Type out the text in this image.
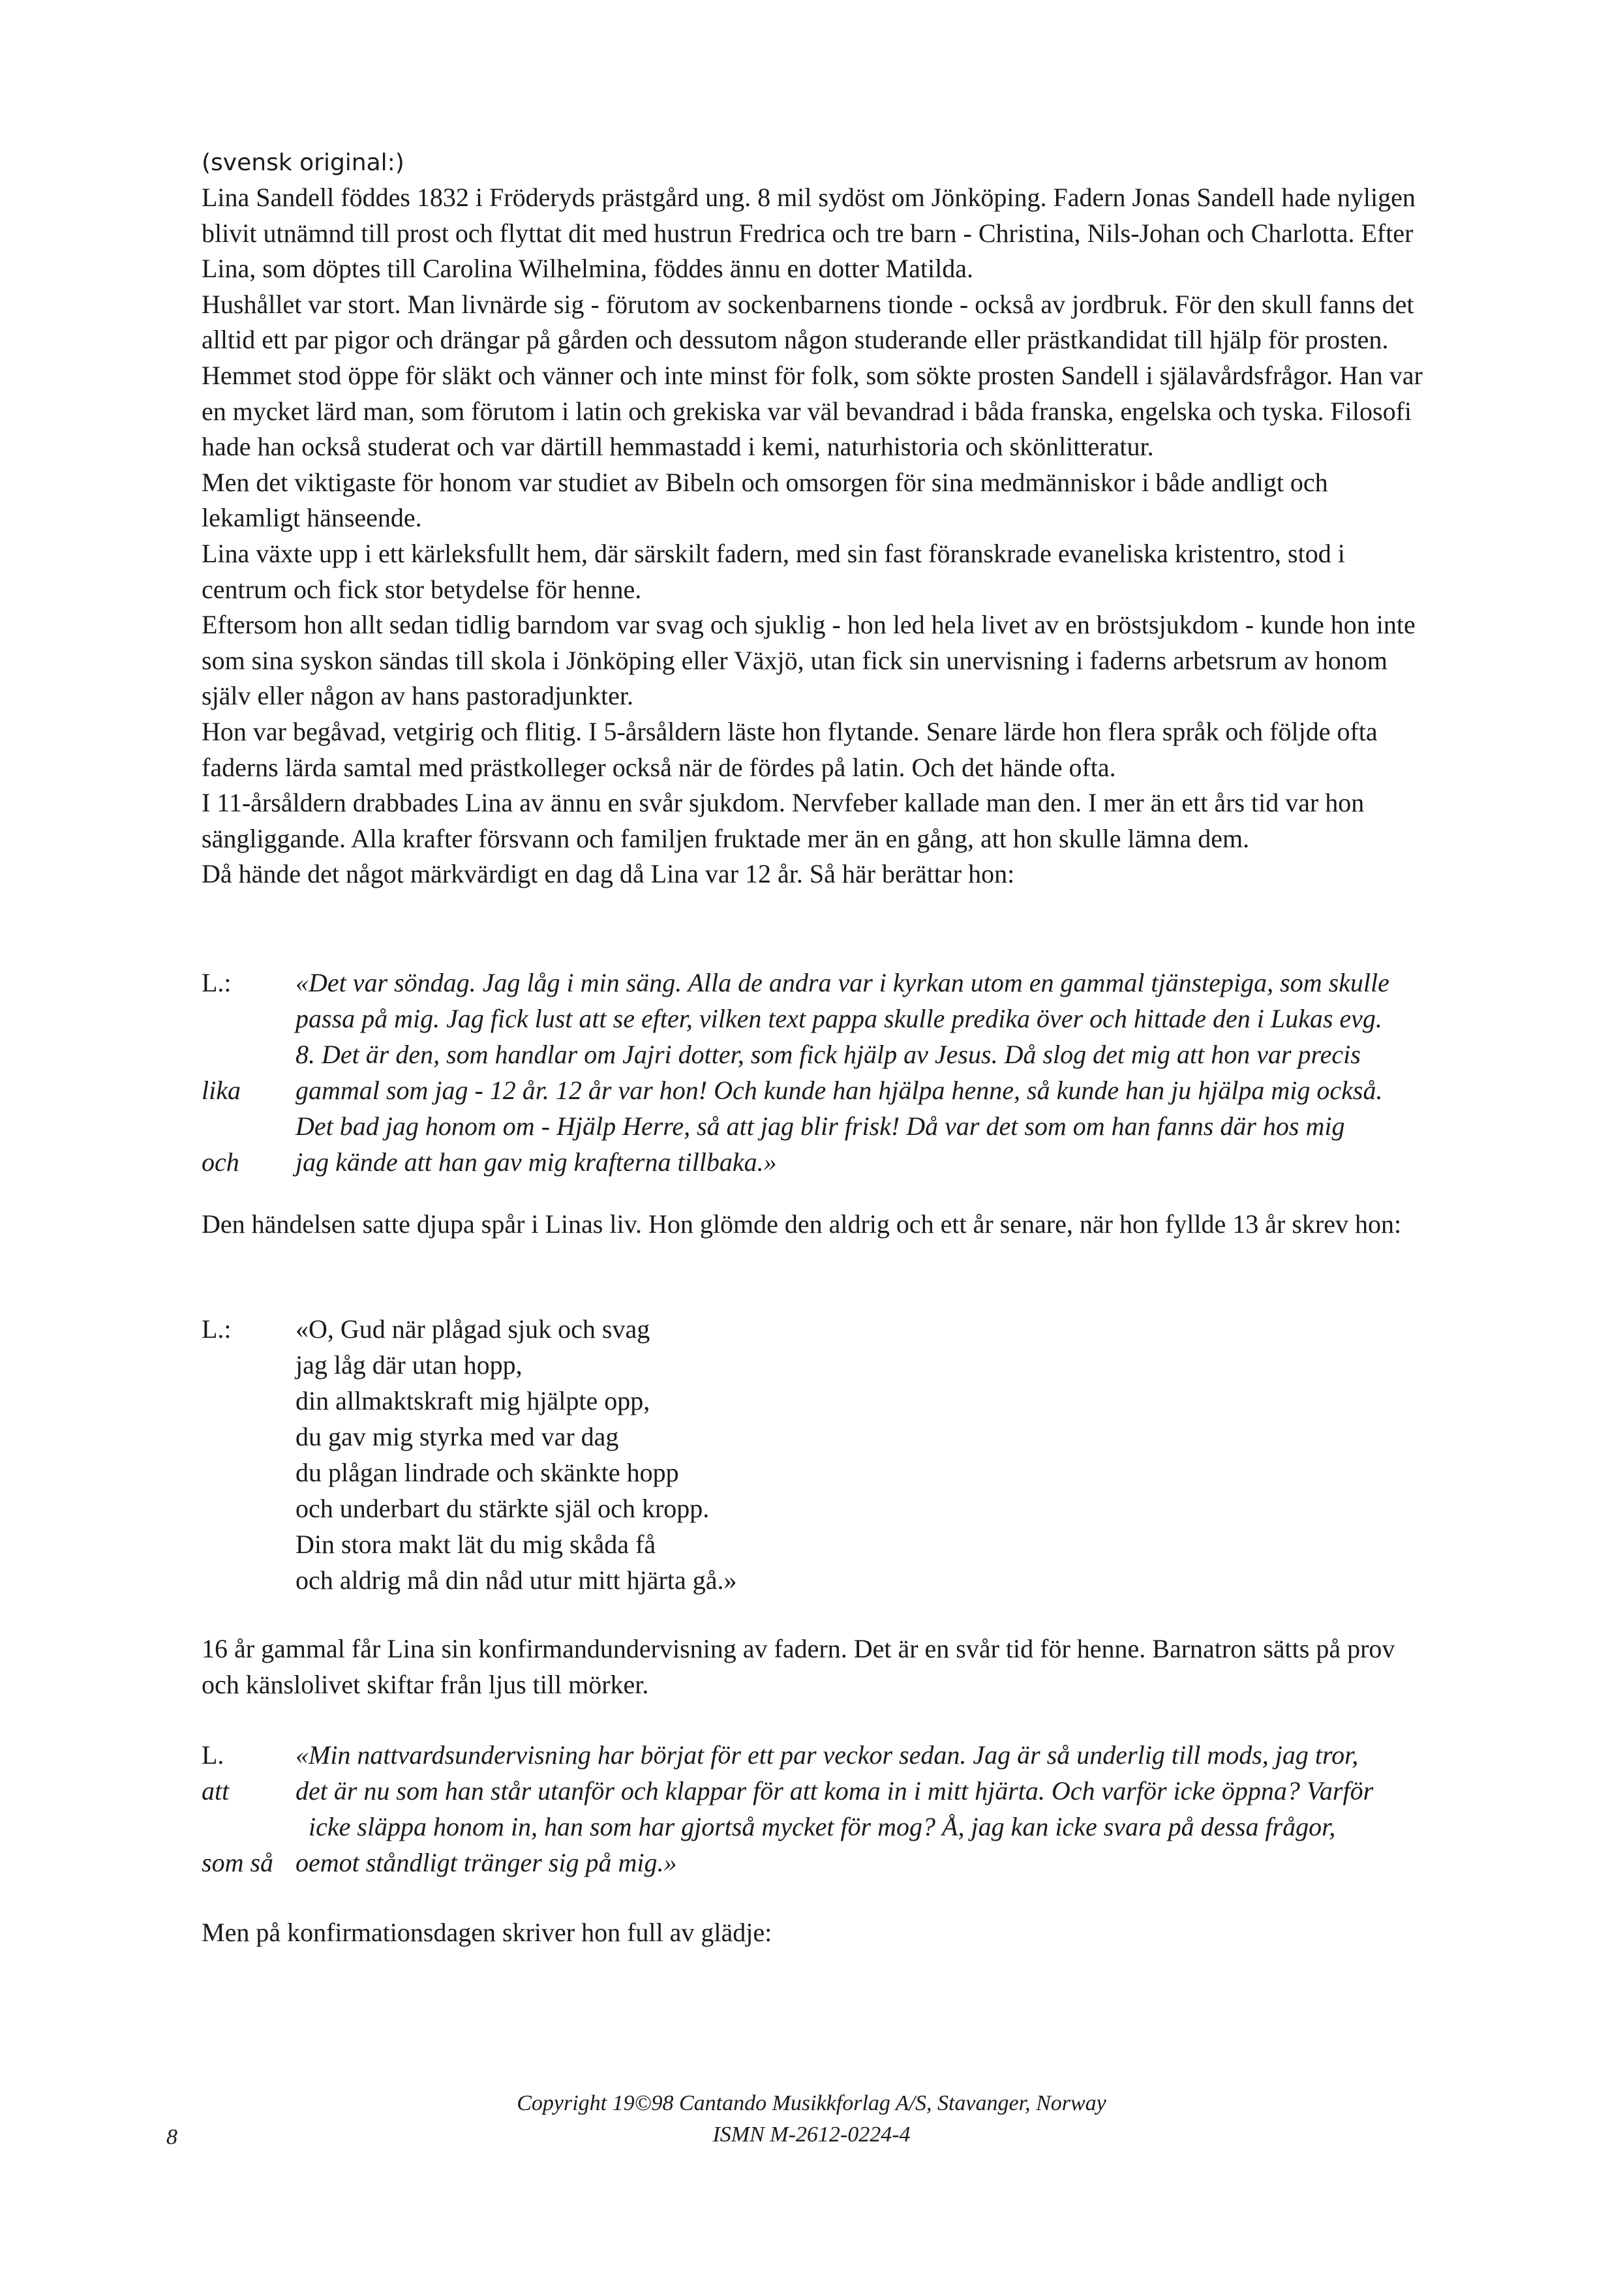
(svensk original:)

Lina Sandell föddes 1832 i Fröderyds prästgård ung. 8 mil sydöst om Jönköping. Fadern Jonas Sandell hade nyligen blivit utnämnd till prost och flyttat dit med hustrun Fredrica och tre barn - Christina, Nils-Johan och Charlotta. Efter Lina, som döptes till Carolina Wilhelmina, föddes ännu en dotter Matilda.

Hushållet var stort. Man livnärde sig - förutom av sockenbarnens tionde - också av jordbruk. För den skull fanns det alltid ett par pigor och drängar på gården och dessutom någon studerande eller prästkandidat till hjälp för prosten.

Hemmet stod öppe för släkt och vänner och inte minst för folk, som sökte prosten Sandell i själavårdsfrågor. Han var en mycket lärd man, som förutom i latin och grekiska var väl bevandrad i båda franska, engelska och tyska. Filosofi hade han också studerat och var därtill hemmastadd i kemi, naturhistoria och skönlitteratur.

Men det viktigaste för honom var studiet av Bibeln och omsorgen för sina medmänniskor i både andligt och lekamligt hänseende.

Lina växte upp i ett kärleksfullt hem, där särskilt fadern, med sin fast föranskrade evaneliska kristentro, stod i centrum och fick stor betydelse för henne.

Eftersom hon allt sedan tidlig barndom var svag och sjuklig - hon led hela livet av en bröstsjukdom - kunde hon inte som sina syskon sändas till skola i Jönköping eller Växjö, utan fick sin unervisning i faderns arbetsrum av honom själv eller någon av hans pastoradjunkter.

Hon var begåvad, vetgirig och flitig. I 5-årsåldern läste hon flytande. Senare lärde hon flera språk och följde ofta faderns lärda samtal med prästkolleger också när de fördes på latin. Och det hände ofta.

I 11-årsåldern drabbades Lina av ännu en svår sjukdom. Nervfeber kallade man den. I mer än ett års tid var hon sängliggande. Alla krafter försvann och familjen fruktade mer än en gång, att hon skulle lämna dem.

Då hände det något märkvärdigt en dag då Lina var 12 år. Så här berättar hon:

L.: «Det var söndag. Jag låg i min säng. Alla de andra var i kyrkan utom en gammal tjänstepiga, som skulle
passa på mig. Jag fick lust att se efter, vilken text pappa skulle predika över och hittade den i Lukas evg.
8. Det är den, som handlar om Jajri dotter, som fick hjälp av Jesus. Då slog det mig att hon var precis
lika gammal som jag - 12 år. 12 år var hon! Och kunde han hjälpa henne, så kunde han ju hjälpa mig också.
Det bad jag honom om - Hjälp Herre, så att jag blir frisk! Då var det som om han fanns där hos mig
och jag kände att han gav mig krafterna tillbaka.»

Den händelsen satte djupa spår i Linas liv. Hon glömde den aldrig och ett år senare, när hon fyllde 13 år skrev hon:

L.: «O, Gud när plågad sjuk och svag
jag låg där utan hopp,
din allmaktskraft mig hjälpte opp,
du gav mig styrka med var dag
du plågan lindrade och skänkte hopp
och underbart du stärkte själ och kropp.
Din stora makt lät du mig skåda få
och aldrig må din nåd utur mitt hjärta gå.»

16 år gammal får Lina sin konfirmandundervisning av fadern. Det är en svår tid för henne. Barnatron sätts på prov och känslolivet skiftar från ljus till mörker.

L.	«Min nattvardsundervisning har börjat för ett par veckor sedan. Jag är så underlig till mods, jag tror,
att	det är nu som han står utanför och klappar för att koma in i mitt hjärta. Och varför icke öppna? Varför
icke släppa honom in, han som har gjortså mycket för mog? Å, jag kan icke svara på dessa frågor,
som så oemot ståndligt tränger sig på mig.»

Men på konfirmationsdagen skriver hon full av glädje:

Copyright 19©98 Cantando Musikkforlag A/S, Stavanger, Norway
ISMN M-2612-0224-4
8
